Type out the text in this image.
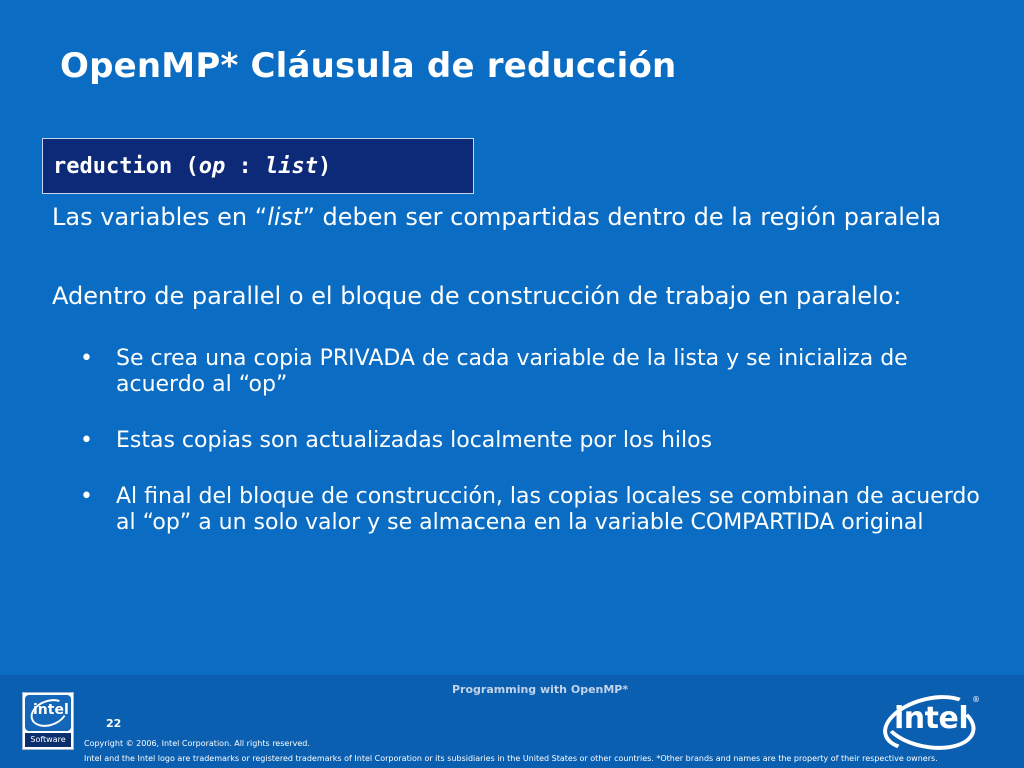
OpenMP* Cláusula de reducción
reduction ( op : list )

Las variables en “list” deben ser compartidas dentro de la región paralela

Adentro de parallel o el bloque de construcción de trabajo en paralelo:

• Se crea una copia PRIVADA de cada variable de la lista y se inicializa de acuerdo al “op”
• Estas copias son actualizadas localmente por los hilos
• Al final del bloque de construcción, las copias locales se combinan de acuerdo al “op” a un solo valor y se almacena en la variable COMPARTIDA original
intel
Software
Programming with OpenMP*
22
Copyright © 2006, Intel Corporation. All rights reserved.
Intel and the Intel logo are trademarks or registered trademarks of Intel Corporation or its subsidiaries in the United States or other countries. *Other brands and names are the property of their respective owners.
intel
®
